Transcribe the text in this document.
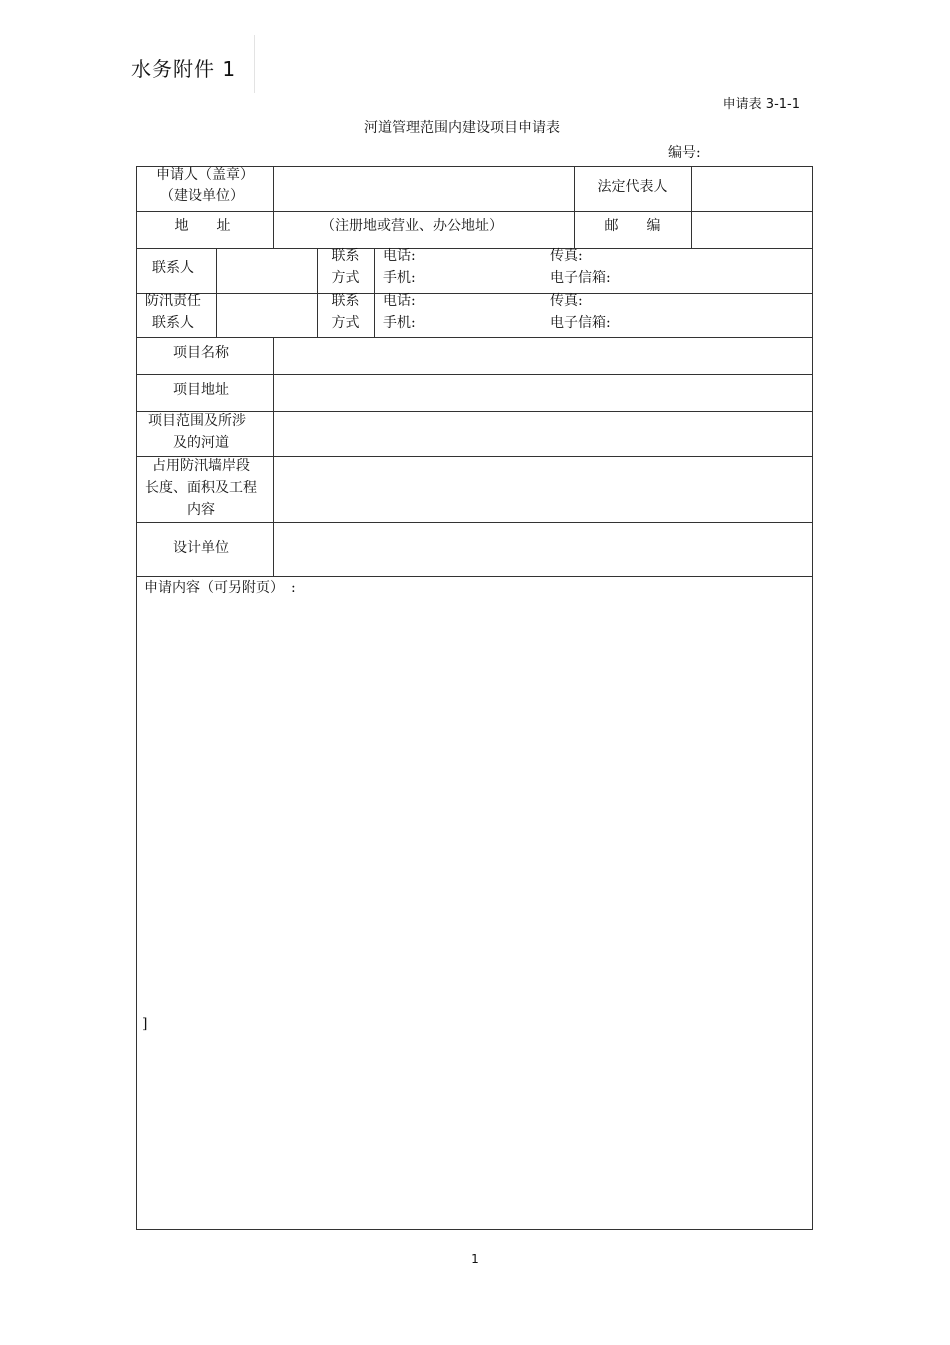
水务附件 1
申请表 3-1-1
河道管理范围内建设项目申请表
编号:
申请人（盖章）
（建设单位）
法定代表人
地　　址	（注册地或营业、办公地址）	邮　　编
联系人
联系
方式
电话:
手机:
传真:
电子信箱:
防汛责任
联系人
联系
方式
电话:
手机:
传真:
电子信箱:
项目名称
项目地址
项目范围及所涉
及的河道
占用防汛墙岸段
长度、面积及工程
内容
设计单位
申请内容（可另附页）　:
]
1
